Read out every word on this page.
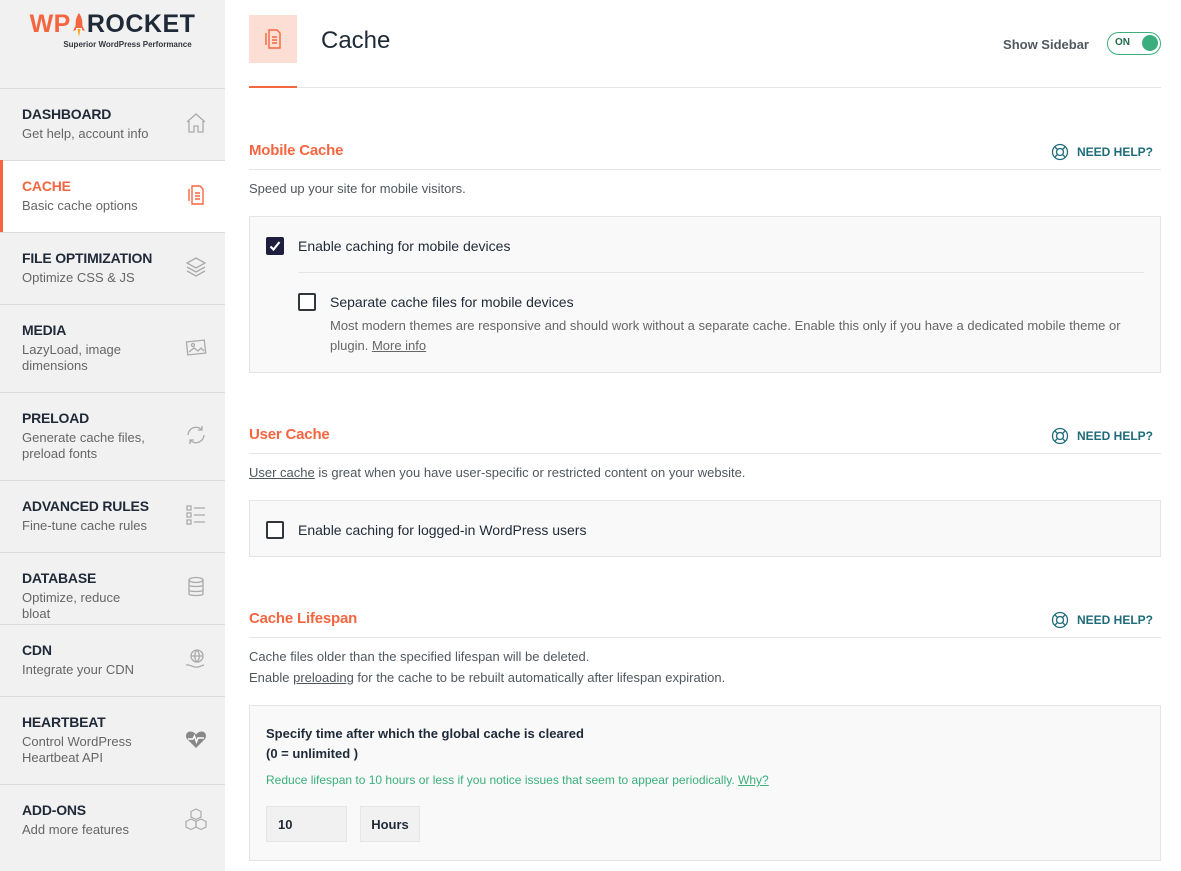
WP ROCKET
Superior WordPress Performance
DASHBOARD
Get help, account info
CACHE
Basic cache options
FILE OPTIMIZATION
Optimize CSS & JS
MEDIA
LazyLoad, image dimensions
PRELOAD
Generate cache files, preload fonts
ADVANCED RULES
Fine-tune cache rules
DATABASE
Optimize, reduce bloat
CDN
Integrate your CDN
HEARTBEAT
Control WordPress Heartbeat API
ADD-ONS
Add more features
Cache	Show Sidebar	ON
Mobile Cache	NEED HELP?
Speed up your site for mobile visitors.
Enable caching for mobile devices
Separate cache files for mobile devices
Most modern themes are responsive and should work without a separate cache. Enable this only if you have a dedicated mobile theme or plugin. More info
User Cache	NEED HELP?
User cache is great when you have user-specific or restricted content on your website.
Enable caching for logged-in WordPress users
Cache Lifespan	NEED HELP?
Cache files older than the specified lifespan will be deleted.
Enable preloading for the cache to be rebuilt automatically after lifespan expiration.
Specify time after which the global cache is cleared
(0 = unlimited )
Reduce lifespan to 10 hours or less if you notice issues that seem to appear periodically. Why?
10
Hours
